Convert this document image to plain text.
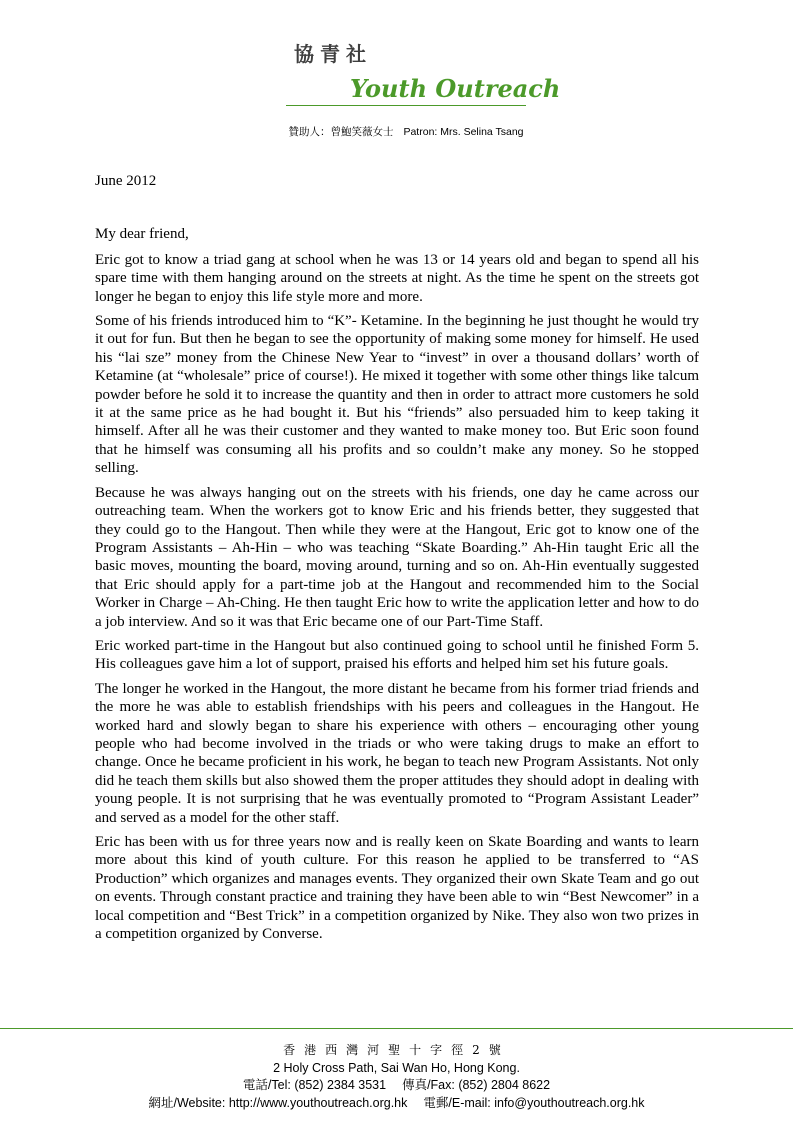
協青社
Youth Outreach
贊助人：曾鮑笑薇女士 Patron: Mrs. Selina Tsang

June 2012

My dear friend,

Eric got to know a triad gang at school when he was 13 or 14 years old and began to spend all his spare time with them hanging around on the streets at night. As the time he spent on the streets got longer he began to enjoy this life style more and more.

Some of his friends introduced him to “K”- Ketamine. In the beginning he just thought he would try it out for fun. But then he began to see the opportunity of making some money for himself. He used his “lai sze” money from the Chinese New Year to “invest” in over a thousand dollars’ worth of Ketamine (at “wholesale” price of course!). He mixed it together with some other things like talcum powder before he sold it to increase the quantity and then in order to attract more customers he sold it at the same price as he had bought it. But his “friends” also persuaded him to keep taking it himself. After all he was their customer and they wanted to make money too. But Eric soon found that he himself was consuming all his profits and so couldn’t make any money. So he stopped selling.

Because he was always hanging out on the streets with his friends, one day he came across our outreaching team. When the workers got to know Eric and his friends better, they suggested that they could go to the Hangout. Then while they were at the Hangout, Eric got to know one of the Program Assistants – Ah-Hin – who was teaching “Skate Boarding.” Ah-Hin taught Eric all the basic moves, mounting the board, moving around, turning and so on. Ah-Hin eventually suggested that Eric should apply for a part-time job at the Hangout and recommended him to the Social Worker in Charge – Ah-Ching. He then taught Eric how to write the application letter and how to do a job interview. And so it was that Eric became one of our Part-Time Staff.

Eric worked part-time in the Hangout but also continued going to school until he finished Form 5. His colleagues gave him a lot of support, praised his efforts and helped him set his future goals.

The longer he worked in the Hangout, the more distant he became from his former triad friends and the more he was able to establish friendships with his peers and colleagues in the Hangout. He worked hard and slowly began to share his experience with others – encouraging other young people who had become involved in the triads or who were taking drugs to make an effort to change. Once he became proficient in his work, he began to teach new Program Assistants. Not only did he teach them skills but also showed them the proper attitudes they should adopt in dealing with young people. It is not surprising that he was eventually promoted to “Program Assistant Leader” and served as a model for the other staff.

Eric has been with us for three years now and is really keen on Skate Boarding and wants to learn more about this kind of youth culture. For this reason he applied to be transferred to “AS Production” which organizes and manages events. They organized their own Skate Team and go out on events. Through constant practice and training they have been able to win “Best Newcomer” in a local competition and “Best Trick” in a competition organized by Nike. They also won two prizes in a competition organized by Converse.

香港西灣河聖十字徑2號
2 Holy Cross Path, Sai Wan Ho, Hong Kong.
電話/Tel: (852) 2384 3531 傳真/Fax: (852) 2804 8622
網址/Website: http://www.youthoutreach.org.hk 電郵/E-mail: info@youthoutreach.org.hk
